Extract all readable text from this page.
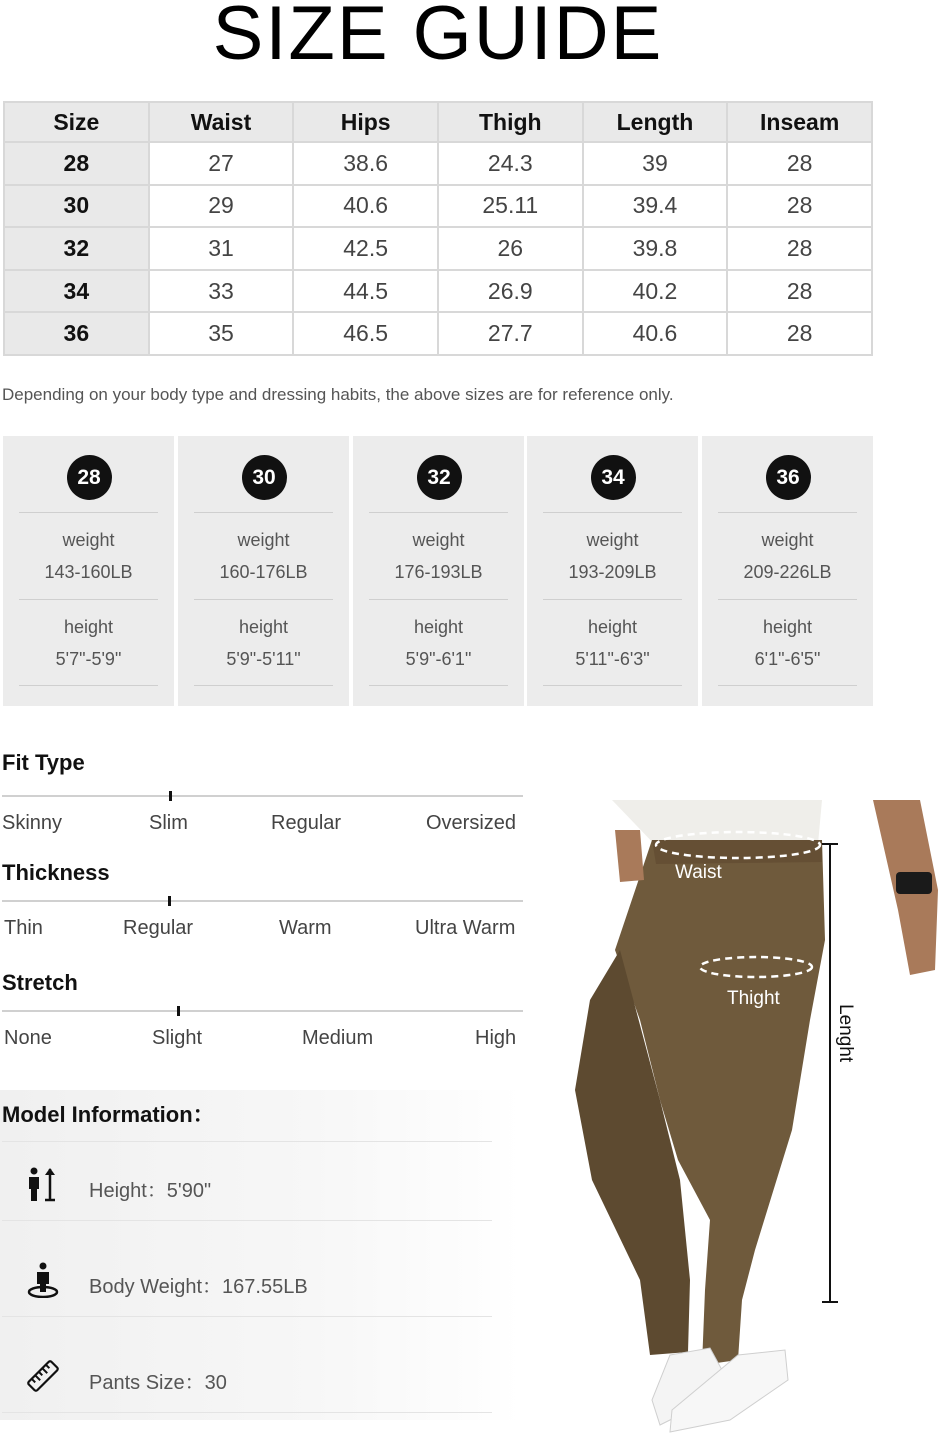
SIZE GUIDE
Size	Waist	Hips	Thigh	Length	Inseam
28	27	38.6	24.3	39	28
30	29	40.6	25.11	39.4	28
32	31	42.5	26	39.8	28
34	33	44.5	26.9	40.2	28
36	35	46.5	27.7	40.6	28
Depending on your body type and dressing habits, the above sizes are for reference only.
28
weight
143-160LB
height
5'7"-5'9"
30
weight
160-176LB
height
5'9"-5'11"
32
weight
176-193LB
height
5'9"-6'1"
34
weight
193-209LB
height
5'11"-6'3"
36
weight
209-226LB
height
6'1"-6'5"
Fit Type
Skinny	Slim	Regular	Oversized
Thickness
Thin	Regular	Warm	Ultra Warm
Stretch
None	Slight	Medium	High
Model Information：
Height：5'90"
Body Weight：167.55LB
Pants Size：30
Waist
Thight
Lenght
